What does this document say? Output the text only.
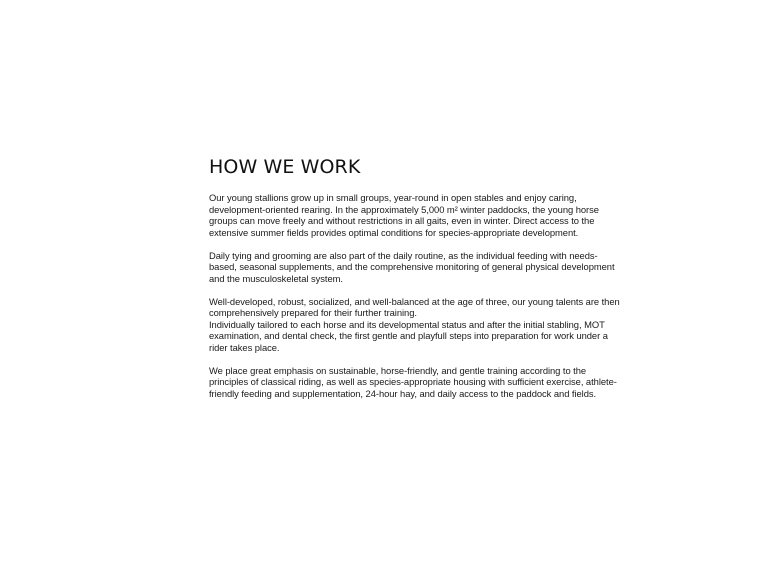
HOW WE WORK

Our young stallions grow up in small groups, year-round in open stables and enjoy caring,
development-oriented rearing. In the approximately 5,000 m² winter paddocks, the young horse
groups can move freely and without restrictions in all gaits, even in winter. Direct access to the
extensive summer fields provides optimal conditions for species-appropriate development.

Daily tying and grooming are also part of the daily routine, as the individual feeding with needs-
based, seasonal supplements, and the comprehensive monitoring of general physical development
and the musculoskeletal system.

Well-developed, robust, socialized, and well-balanced at the age of three, our young talents are then
comprehensively prepared for their further training.
Individually tailored to each horse and its developmental status and after the initial stabling, MOT
examination, and dental check, the first gentle and playfull steps into preparation for work under a
rider takes place.

We place great emphasis on sustainable, horse-friendly, and gentle training according to the
principles of classical riding, as well as species-appropriate housing with sufficient exercise, athlete-
friendly feeding and supplementation, 24-hour hay, and daily access to the paddock and fields.
